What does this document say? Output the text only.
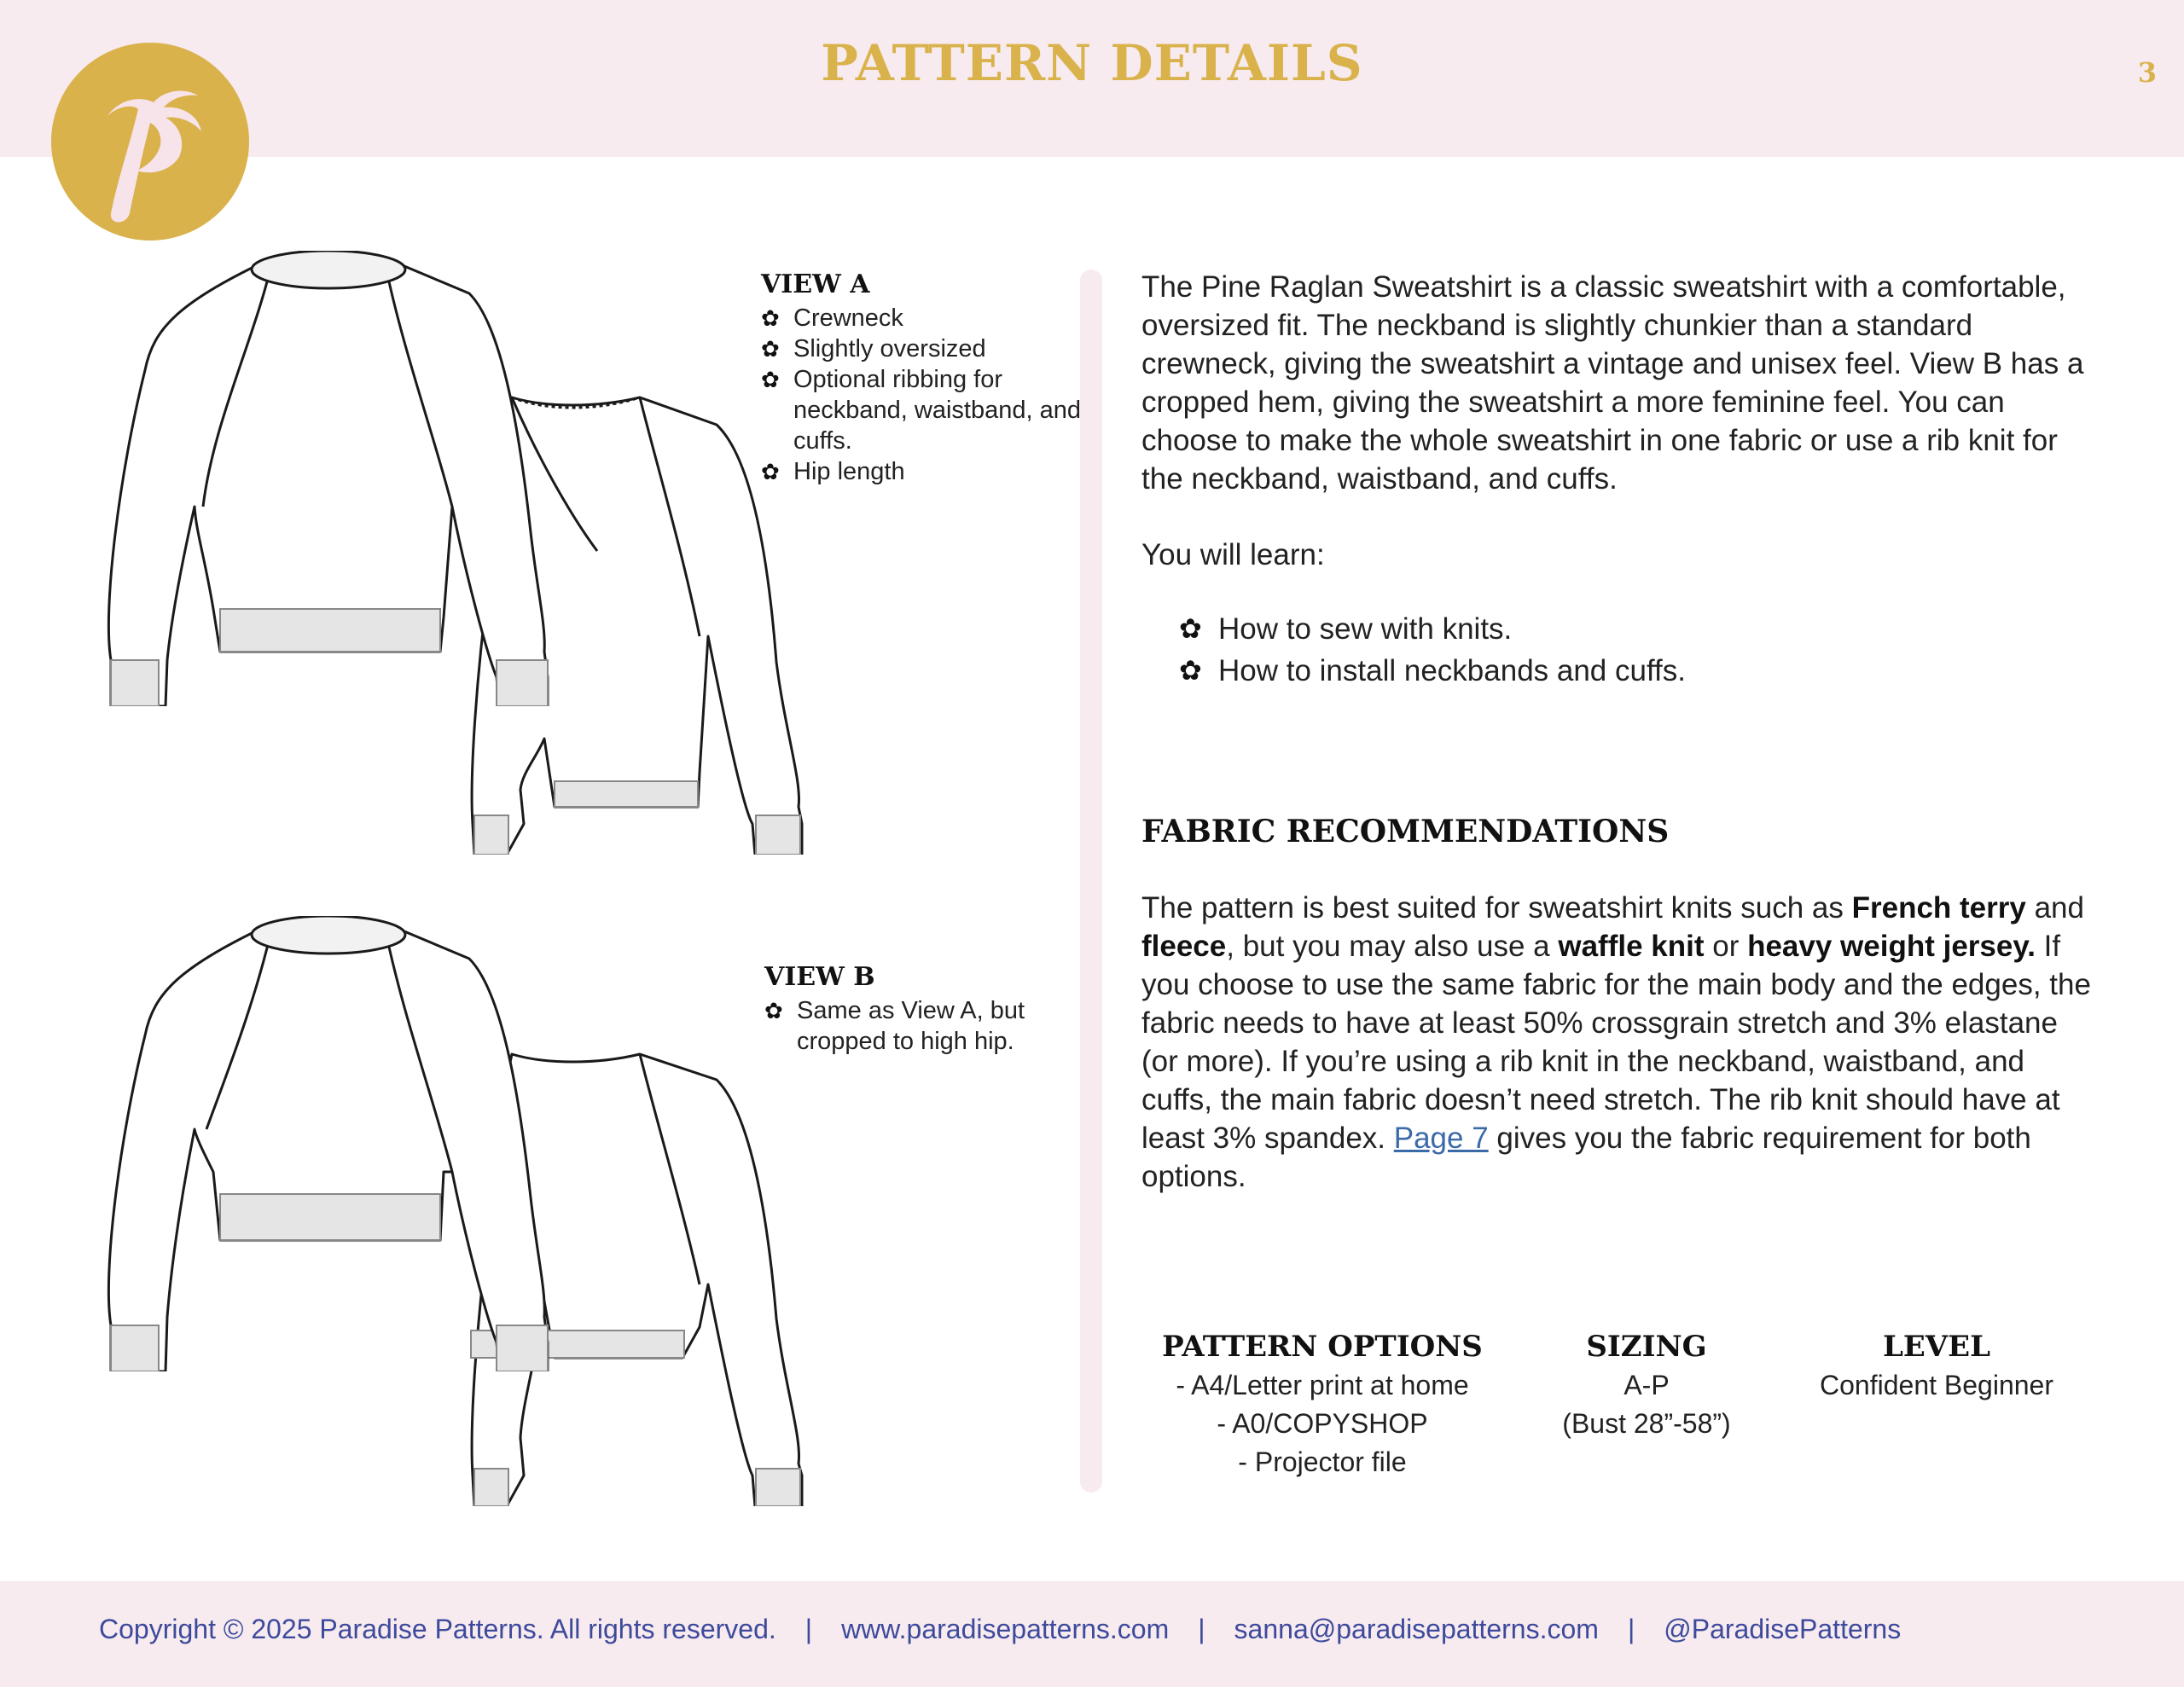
PATTERN DETAILS	3
VIEW A
✿ Crewneck
✿ Slightly oversized
✿ Optional ribbing for neckband, waistband, and cuffs.
✿ Hip length
VIEW B
✿ Same as View A, but cropped to high hip.

The Pine Raglan Sweatshirt is a classic sweatshirt with a comfortable, oversized fit. The neckband is slightly chunkier than a standard crewneck, giving the sweatshirt a vintage and unisex feel. View B has a cropped hem, giving the sweatshirt a more feminine feel. You can choose to make the whole sweatshirt in one fabric or use a rib knit for the neckband, waistband, and cuffs.

You will learn:

✿ How to sew with knits.
✿ How to install neckbands and cuffs.
FABRIC RECOMMENDATIONS

The pattern is best suited for sweatshirt knits such as French terry and fleece, but you may also use a waffle knit or heavy weight jersey. If you choose to use the same fabric for the main body and the edges, the fabric needs to have at least 50% crossgrain stretch and 3% elastane (or more). If you’re using a rib knit in the neckband, waistband, and cuffs, the main fabric doesn’t need stretch. The rib knit should have at least 3% spandex. Page 7 gives you the fabric requirement for both options.

PATTERN OPTIONS
- A4/Letter print at home
- A0/COPYSHOP
- Projector file
SIZING
A-P
(Bust 28”-58”)
LEVEL
Confident Beginner
Copyright © 2025 Paradise Patterns. All rights reserved. | www.paradisepatterns.com | sanna@paradisepatterns.com | @ParadisePatterns
